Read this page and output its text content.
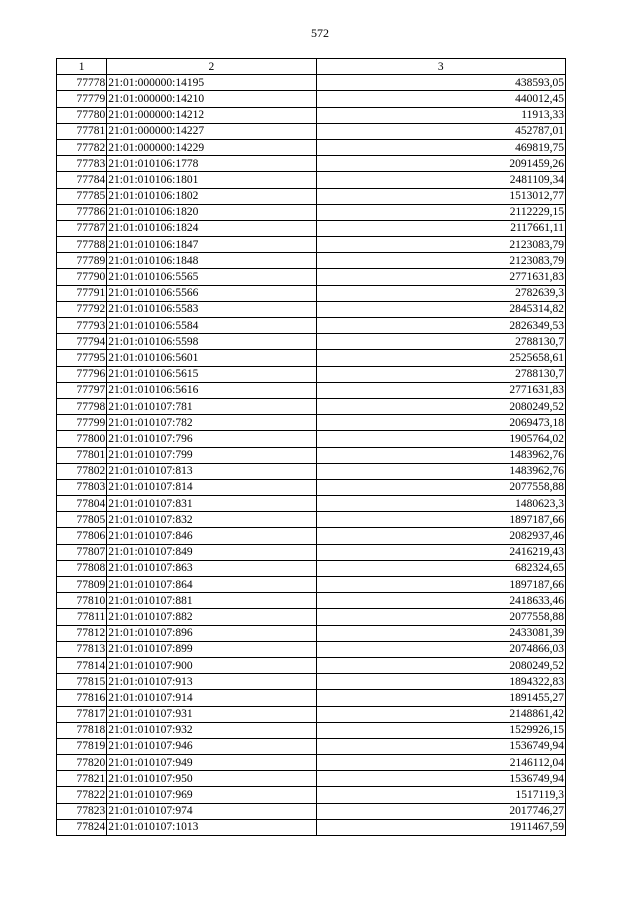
572
1	2	3
77778	21:01:000000:14195	438593,05
77779	21:01:000000:14210	440012,45
77780	21:01:000000:14212	11913,33
77781	21:01:000000:14227	452787,01
77782	21:01:000000:14229	469819,75
77783	21:01:010106:1778	2091459,26
77784	21:01:010106:1801	2481109,34
77785	21:01:010106:1802	1513012,77
77786	21:01:010106:1820	2112229,15
77787	21:01:010106:1824	2117661,11
77788	21:01:010106:1847	2123083,79
77789	21:01:010106:1848	2123083,79
77790	21:01:010106:5565	2771631,83
77791	21:01:010106:5566	2782639,3
77792	21:01:010106:5583	2845314,82
77793	21:01:010106:5584	2826349,53
77794	21:01:010106:5598	2788130,7
77795	21:01:010106:5601	2525658,61
77796	21:01:010106:5615	2788130,7
77797	21:01:010106:5616	2771631,83
77798	21:01:010107:781	2080249,52
77799	21:01:010107:782	2069473,18
77800	21:01:010107:796	1905764,02
77801	21:01:010107:799	1483962,76
77802	21:01:010107:813	1483962,76
77803	21:01:010107:814	2077558,88
77804	21:01:010107:831	1480623,3
77805	21:01:010107:832	1897187,66
77806	21:01:010107:846	2082937,46
77807	21:01:010107:849	2416219,43
77808	21:01:010107:863	682324,65
77809	21:01:010107:864	1897187,66
77810	21:01:010107:881	2418633,46
77811	21:01:010107:882	2077558,88
77812	21:01:010107:896	2433081,39
77813	21:01:010107:899	2074866,03
77814	21:01:010107:900	2080249,52
77815	21:01:010107:913	1894322,83
77816	21:01:010107:914	1891455,27
77817	21:01:010107:931	2148861,42
77818	21:01:010107:932	1529926,15
77819	21:01:010107:946	1536749,94
77820	21:01:010107:949	2146112,04
77821	21:01:010107:950	1536749,94
77822	21:01:010107:969	1517119,3
77823	21:01:010107:974	2017746,27
77824	21:01:010107:1013	1911467,59
